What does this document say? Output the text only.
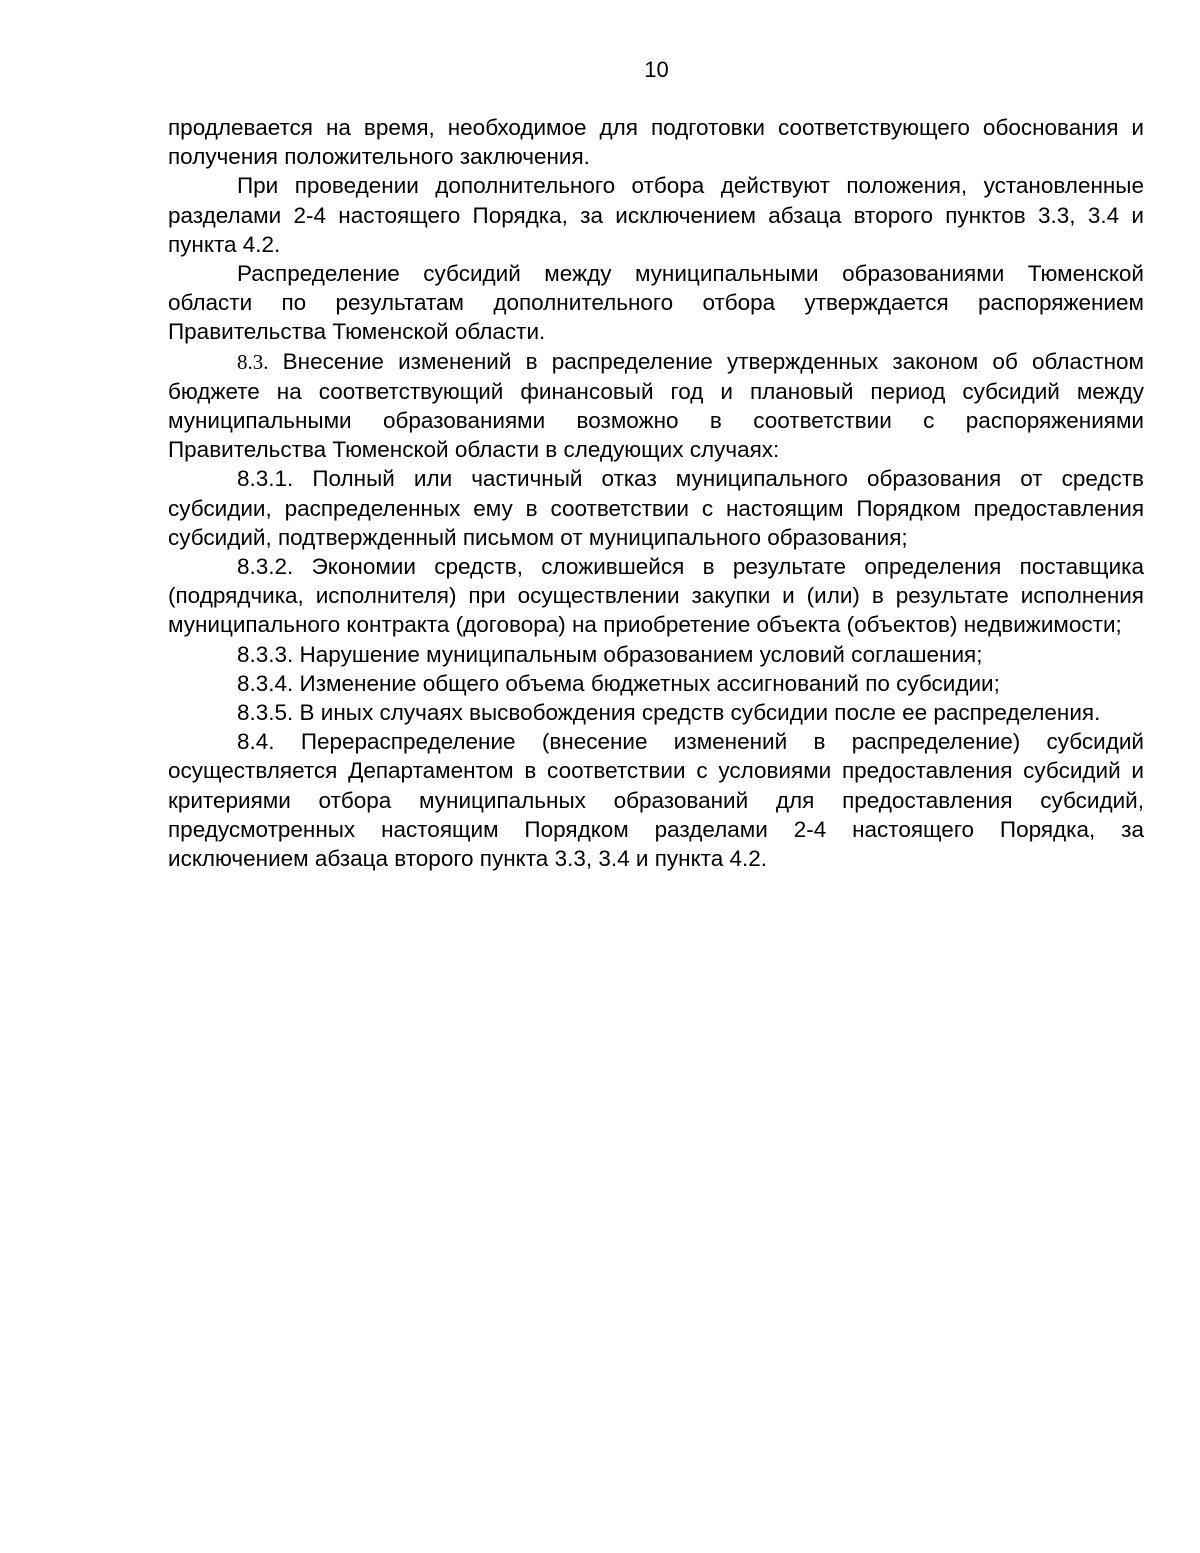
10

продлевается на время, необходимое для подготовки соответствующего обоснования и получения положительного заключения.

При проведении дополнительного отбора действуют положения, установленные разделами 2-4 настоящего Порядка, за исключением абзаца второго пунктов 3.3, 3.4 и пункта 4.2.

Распределение субсидий между муниципальными образованиями Тюменской области по результатам дополнительного отбора утверждается распоряжением Правительства Тюменской области.

8.3. Внесение изменений в распределение утвержденных законом об областном бюджете на соответствующий финансовый год и плановый период субсидий между муниципальными образованиями возможно в соответствии с распоряжениями Правительства Тюменской области в следующих случаях:

8.3.1. Полный или частичный отказ муниципального образования от средств субсидии, распределенных ему в соответствии с настоящим Порядком предоставления субсидий, подтвержденный письмом от муниципального образования;

8.3.2. Экономии средств, сложившейся в результате определения поставщика (подрядчика, исполнителя) при осуществлении закупки и (или) в результате исполнения муниципального контракта (договора) на приобретение объекта (объектов) недвижимости;

8.3.3. Нарушение муниципальным образованием условий соглашения;

8.3.4. Изменение общего объема бюджетных ассигнований по субсидии;

8.3.5. В иных случаях высвобождения средств субсидии после ее распределения.

8.4. Перераспределение (внесение изменений в распределение) субсидий осуществляется Департаментом в соответствии с условиями предоставления субсидий и критериями отбора муниципальных образований для предоставления субсидий, предусмотренных настоящим Порядком разделами 2-4 настоящего Порядка, за исключением абзаца второго пункта 3.3, 3.4 и пункта 4.2.
